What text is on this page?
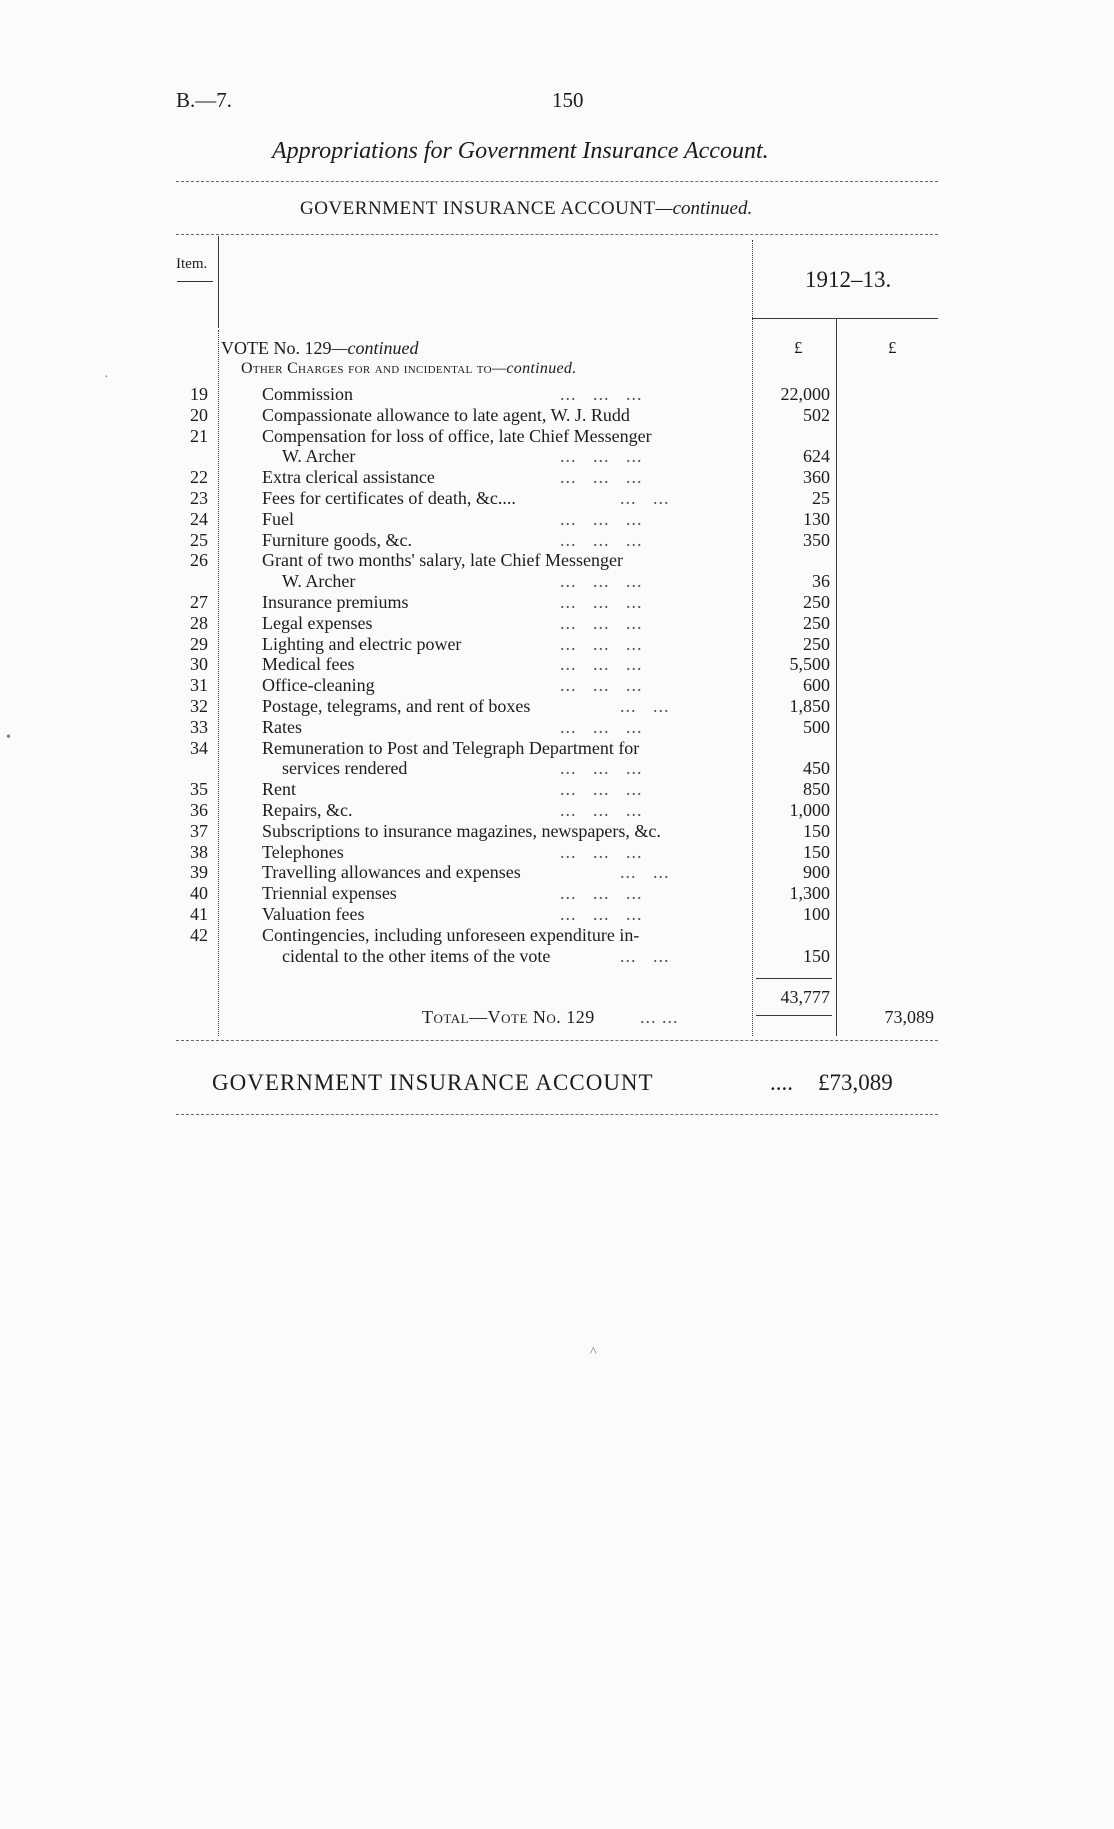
B.—7.	150
Appropriations for Government Insurance Account.
GOVERNMENT INSURANCE ACCOUNT—continued.
Item.
1912–13.
£	£
VOTE No. 129—continued
Other Charges for and incidental to—continued.
19	Commission	...   ...   ...	22,000
20	Compassionate allowance to late agent, W. J. Rudd	502
21	Compensation for loss of office, late Chief Messenger
W. Archer	...   ...   ...	624
22	Extra clerical assistance	...   ...   ...	360
23	Fees for certificates of death, &c....	...   ...	25
24	Fuel	...   ...   ...	130
25	Furniture goods, &c.	...   ...   ...	350
26	Grant of two months' salary, late Chief Messenger
W. Archer	...   ...   ...	36
27	Insurance premiums	...   ...   ...	250
28	Legal expenses	...   ...   ...	250
29	Lighting and electric power	...   ...   ...	250
30	Medical fees	...   ...   ...	5,500
31	Office-cleaning	...   ...   ...	600
32	Postage, telegrams, and rent of boxes	...   ...	1,850
33	Rates	...   ...   ...	500
34	Remuneration to Post and Telegraph Department for
services rendered	...   ...   ...	450
35	Rent	...   ...   ...	850
36	Repairs, &c.	...   ...   ...	1,000
37	Subscriptions to insurance magazines, newspapers, &c.	150
38	Telephones	...   ...   ...	150
39	Travelling allowances and expenses	...   ...	900
40	Triennial expenses	...   ...   ...	1,300
41	Valuation fees	...   ...   ...	100
42	Contingencies, including unforeseen expenditure in-
cidental to the other items of the vote	...   ...	150
43,777
Total—Vote No. 129	... ...	73,089
GOVERNMENT INSURANCE ACCOUNT	.... £73,089
·
•
^
